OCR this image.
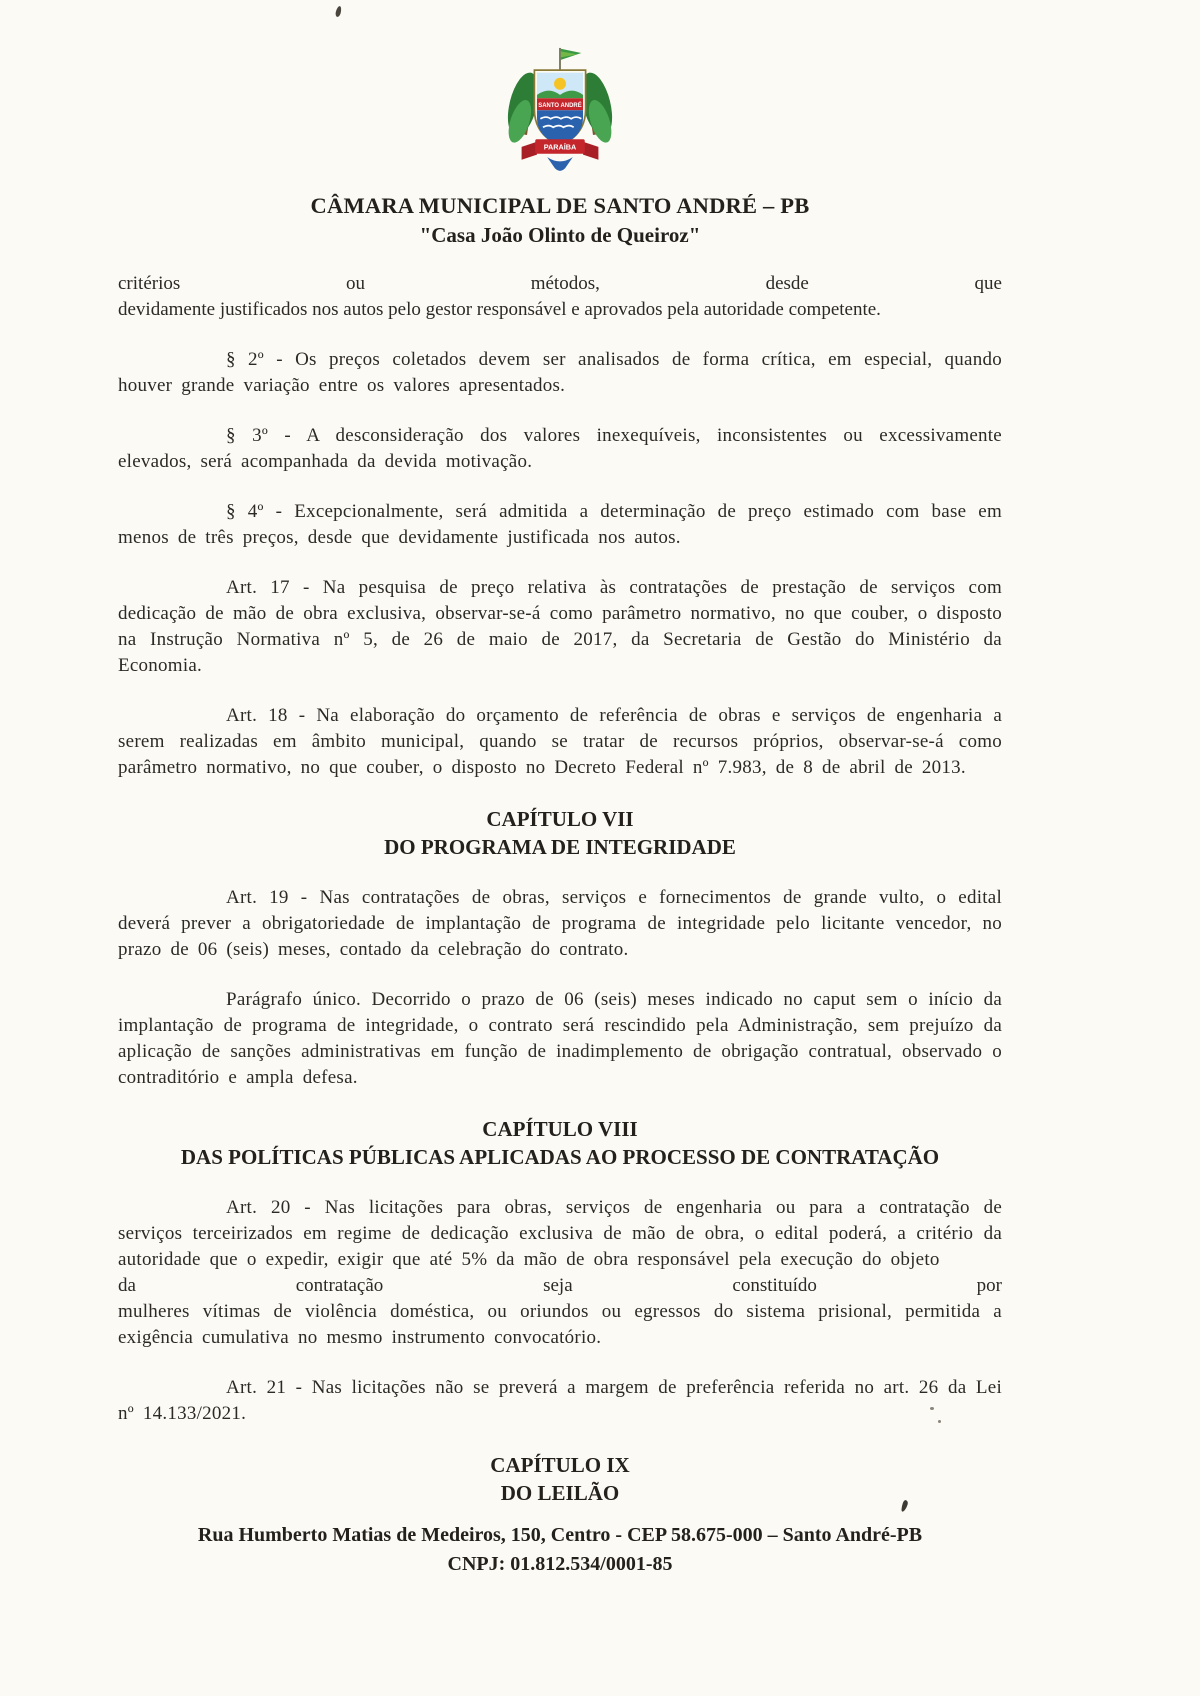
SANTO ANDRÉ
PARAÍBA
CÂMARA MUNICIPAL DE SANTO ANDRÉ – PB
"Casa João Olinto de Queiroz"
critérios ou métodos, desde que
devidamente justificados nos autos pelo gestor responsável e aprovados pela autoridade competente.

§ 2º - Os preços coletados devem ser analisados de forma crítica, em especial, quando houver grande variação entre os valores apresentados.

§ 3º - A desconsideração dos valores inexequíveis, inconsistentes ou excessivamente elevados, será acompanhada da devida motivação.

§ 4º - Excepcionalmente, será admitida a determinação de preço estimado com base em menos de três preços, desde que devidamente justificada nos autos.

Art. 17 - Na pesquisa de preço relativa às contratações de prestação de serviços com dedicação de mão de obra exclusiva, observar-se-á como parâmetro normativo, no que couber, o disposto na Instrução Normativa nº 5, de 26 de maio de 2017, da Secretaria de Gestão do Ministério da Economia.

Art. 18 - Na elaboração do orçamento de referência de obras e serviços de engenharia a serem realizadas em âmbito municipal, quando se tratar de recursos próprios, observar-se-á como parâmetro normativo, no que couber, o disposto no Decreto Federal nº 7.983, de 8 de abril de 2013.

CAPÍTULO VII
DO PROGRAMA DE INTEGRIDADE

Art. 19 - Nas contratações de obras, serviços e fornecimentos de grande vulto, o edital deverá prever a obrigatoriedade de implantação de programa de integridade pelo licitante vencedor, no prazo de 06 (seis) meses, contado da celebração do contrato.

Parágrafo único. Decorrido o prazo de 06 (seis) meses indicado no caput sem o início da implantação de programa de integridade, o contrato será rescindido pela Administração, sem prejuízo da aplicação de sanções administrativas em função de inadimplemento de obrigação contratual, observado o contraditório e ampla defesa.

CAPÍTULO VIII
DAS POLÍTICAS PÚBLICAS APLICADAS AO PROCESSO DE CONTRATAÇÃO
Art. 20 - Nas licitações para obras, serviços de engenharia ou para a contratação de serviços terceirizados em regime de dedicação exclusiva de mão de obra, o edital poderá, a critério da autoridade que o expedir, exigir que até 5% da mão de obra responsável pela execução do objeto
da contratação seja constituído por
mulheres vítimas de violência doméstica, ou oriundos ou egressos do sistema prisional, permitida a exigência cumulativa no mesmo instrumento convocatório.

Art. 21 - Nas licitações não se preverá a margem de preferência referida no art. 26 da Lei nº 14.133/2021.

CAPÍTULO IX
DO LEILÃO
Rua Humberto Matias de Medeiros, 150, Centro - CEP 58.675-000 – Santo André-PB
CNPJ: 01.812.534/0001-85
